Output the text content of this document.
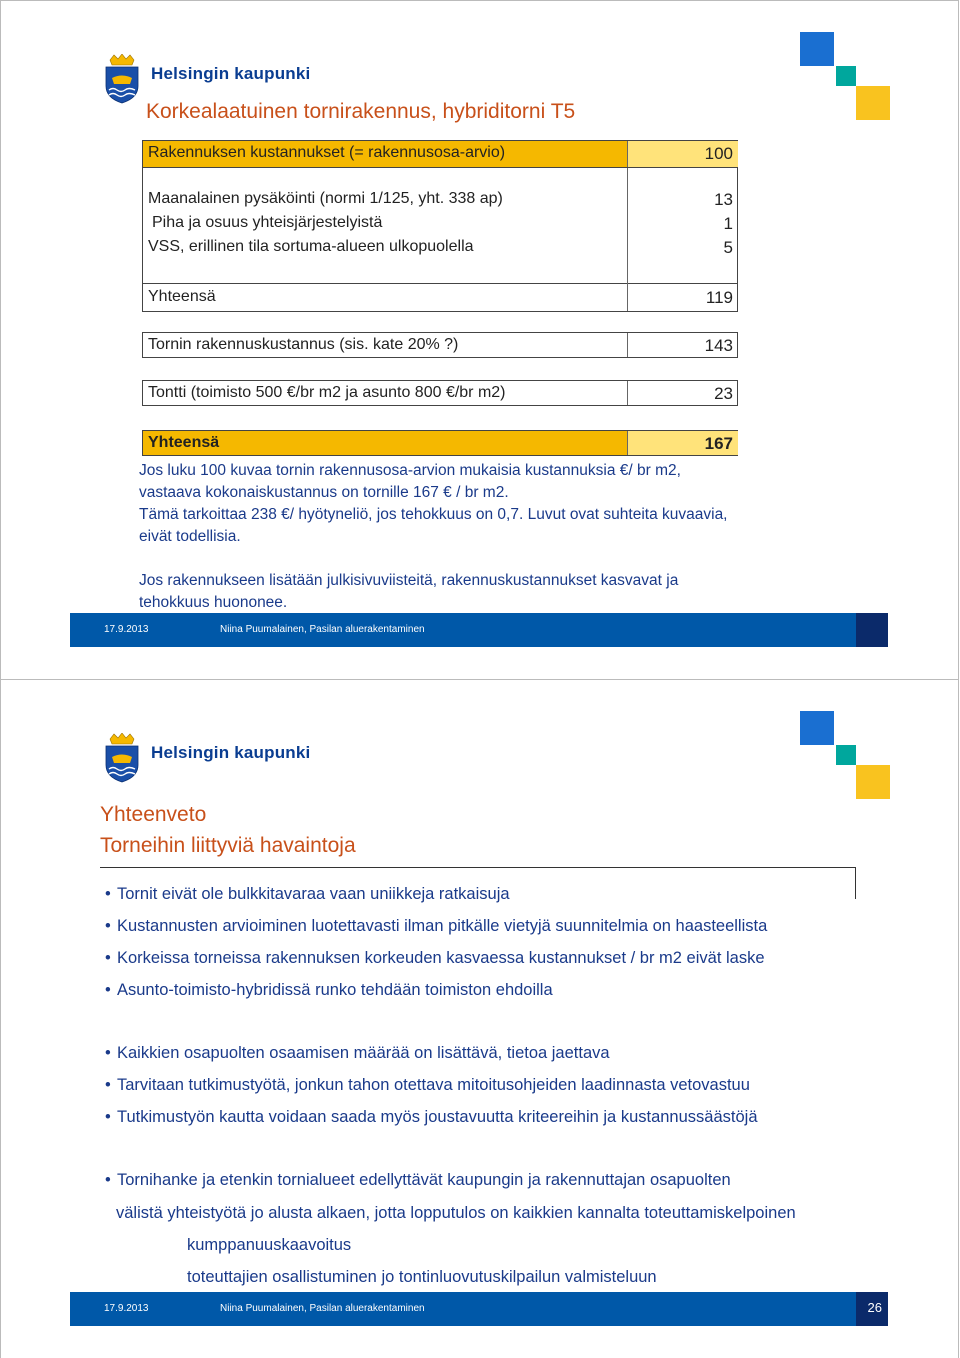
Helsingin kaupunki
Korkealaatuinen tornirakennus, hybriditorni T5
Rakennuksen kustannukset (= rakennusosa-arvio)	100
Maanalainen pysäköinti (normi 1/125, yht. 338 ap)	13
Piha ja osuus yhteisjärjestelyistä	1
VSS, erillinen tila sortuma-alueen ulkopuolella	5
Yhteensä	119
Tornin rakennuskustannus (sis. kate 20% ?)	143
Tontti (toimisto 500 €/br m2 ja asunto 800 €/br m2)	23
Yhteensä	167
Jos luku 100 kuvaa tornin rakennusosa-arvion mukaisia kustannuksia €/ br m2,
vastaava kokonaiskustannus on tornille 167 € / br m2.
Tämä tarkoittaa 238 €/ hyötyneliö, jos tehokkuus on 0,7. Luvut ovat suhteita kuvaavia,
eivät todellisia.
Jos rakennukseen lisätään julkisivuviisteitä, rakennuskustannukset kasvavat ja
tehokkuus huononee.
17.9.2013	Niina Puumalainen, Pasilan aluerakentaminen
Helsingin kaupunki
Yhteenveto
Torneihin liittyviä havaintoja
• Tornit eivät ole bulkkitavaraa vaan uniikkeja ratkaisuja
• Kustannusten arvioiminen luotettavasti ilman pitkälle vietyjä suunnitelmia on haasteellista
• Korkeissa torneissa rakennuksen korkeuden kasvaessa kustannukset / br m2 eivät laske
• Asunto-toimisto-hybridissä runko tehdään toimiston ehdoilla
• Kaikkien osapuolten osaamisen määrää on lisättävä, tietoa jaettava
• Tarvitaan tutkimustyötä, jonkun tahon otettava mitoitusohjeiden laadinnasta vetovastuu
• Tutkimustyön kautta voidaan saada myös joustavuutta kriteereihin ja kustannussäästöjä
• Tornihanke ja etenkin tornialueet edellyttävät kaupungin ja rakennuttajan osapuolten
välistä yhteistyötä jo alusta alkaen, jotta lopputulos on kaikkien kannalta toteuttamiskelpoinen
kumppanuuskaavoitus
toteuttajien osallistuminen jo tontinluovutuskilpailun valmisteluun
17.9.2013	Niina Puumalainen, Pasilan aluerakentaminen	26
